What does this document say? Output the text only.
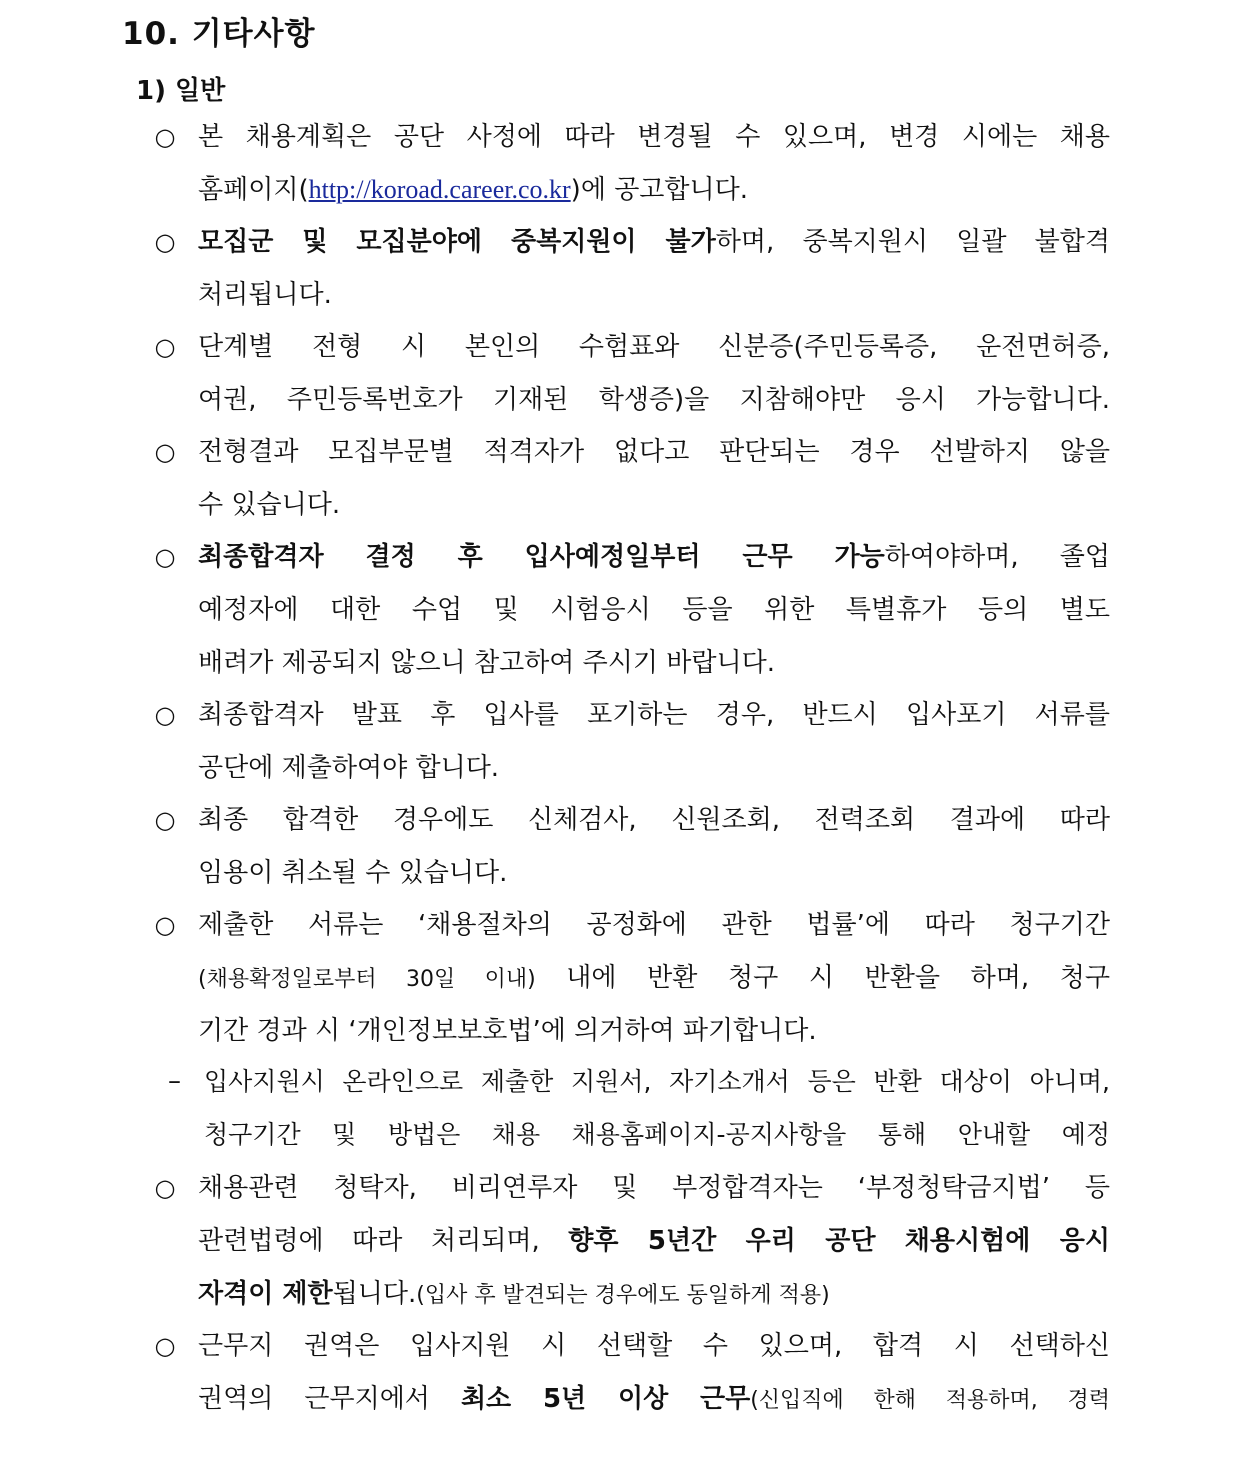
10. 기타사항
1) 일반
○ 본 채용계획은 공단 사정에 따라 변경될 수 있으며, 변경 시에는 채용
홈페이지(http://koroad.career.co.kr)에 공고합니다.
○ 모집군 및 모집분야에 중복지원이 불가하며, 중복지원시 일괄 불합격
처리됩니다.
○ 단계별 전형 시 본인의 수험표와 신분증(주민등록증, 운전면허증,
여권, 주민등록번호가 기재된 학생증)을 지참해야만 응시 가능합니다.
○ 전형결과 모집부문별 적격자가 없다고 판단되는 경우 선발하지 않을
수 있습니다.
○ 최종합격자 결정 후 입사예정일부터 근무 가능하여야하며, 졸업
예정자에 대한 수업 및 시험응시 등을 위한 특별휴가 등의 별도
배려가 제공되지 않으니 참고하여 주시기 바랍니다.
○ 최종합격자 발표 후 입사를 포기하는 경우, 반드시 입사포기 서류를
공단에 제출하여야 합니다.
○ 최종 합격한 경우에도 신체검사, 신원조회, 전력조회 결과에 따라
임용이 취소될 수 있습니다.
○ 제출한 서류는 ‘채용절차의 공정화에 관한 법률’에 따라 청구기간
(채용확정일로부터 30일 이내) 내에 반환 청구 시 반환을 하며, 청구
기간 경과 시 ‘개인정보보호법’에 의거하여 파기합니다.
– 입사지원시 온라인으로 제출한 지원서, 자기소개서 등은 반환 대상이 아니며,
청구기간 및 방법은 채용 채용홈페이지-공지사항을 통해 안내할 예정
○ 채용관련 청탁자, 비리연루자 및 부정합격자는 ‘부정청탁금지법’ 등
관련법령에 따라 처리되며, 향후 5년간 우리 공단 채용시험에 응시
자격이 제한됩니다.(입사 후 발견되는 경우에도 동일하게 적용)
○ 근무지 권역은 입사지원 시 선택할 수 있으며, 합격 시 선택하신
권역의 근무지에서 최소 5년 이상 근무(신입직에 한해 적용하며, 경력
